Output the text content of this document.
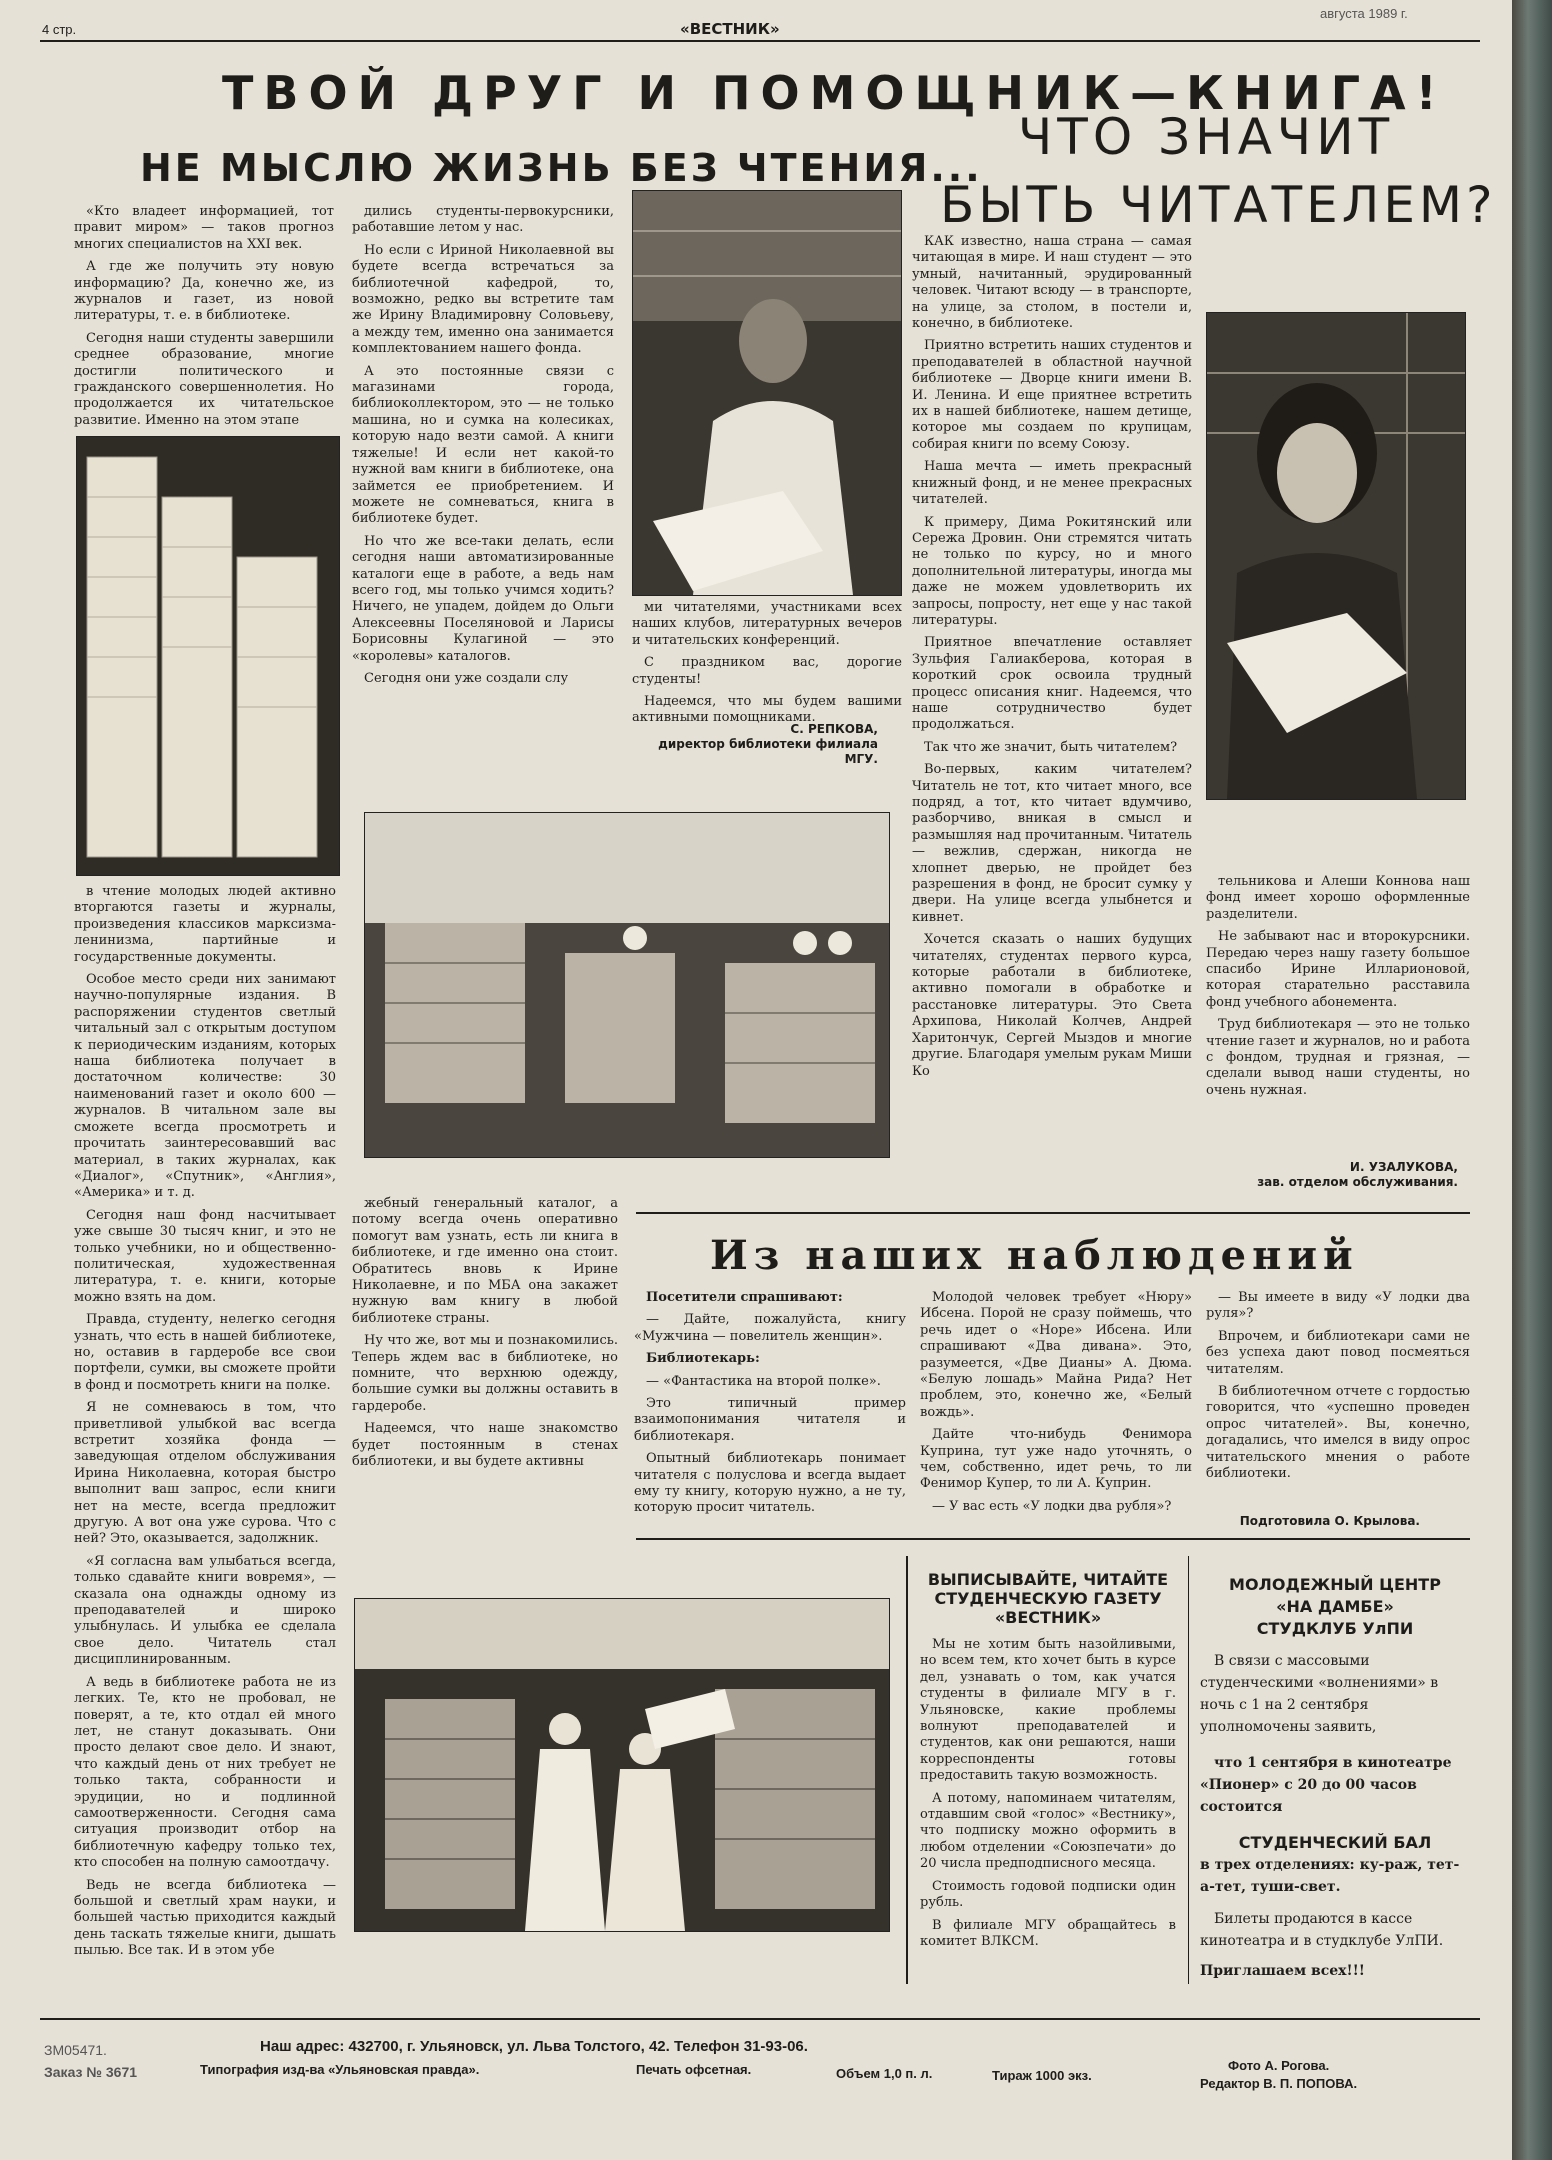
4 стр.	«ВЕСТНИК»
августа 1989 г.
ТВОЙ ДРУГ И ПОМОЩНИК—КНИГА!
НЕ МЫСЛЮ ЖИЗНЬ БЕЗ ЧТЕНИЯ...
ЧТО ЗНАЧИТ
БЫТЬ ЧИТАТЕЛЕМ?

«Кто владеет информацией, тот правит миром» — таков прогноз многих специалистов на XXI век.

А где же получить эту новую информацию? Да, конечно же, из журналов и газет, из новой литературы, т. е. в библиотеке.

Сегодня наши студенты завершили среднее образование, многие достигли политического и гражданского совершеннолетия. Но продолжается их читательское развитие. Именно на этом этапе

в чтение молодых людей активно вторгаются газеты и журналы, произведения классиков марксизма-ленинизма, партийные и государственные документы.

Особое место среди них занимают научно-популярные издания. В распоряжении студентов светлый читальный зал с открытым доступом к периодическим изданиям, которых наша библиотека получает в достаточном количестве: 30 наименований газет и около 600 — журналов. В читальном зале вы сможете всегда просмотреть и прочитать заинтересовавший вас материал, в таких журналах, как «Диалог», «Спутник», «Англия», «Америка» и т. д.

Сегодня наш фонд насчитывает уже свыше 30 тысяч книг, и это не только учебники, но и общественно-политическая, художественная литература, т. е. книги, которые можно взять на дом.

Правда, студенту, нелегко сегодня узнать, что есть в нашей библиотеке, но, оставив в гардеробе все свои портфели, сумки, вы сможете пройти в фонд и посмотреть книги на полке.

Я не сомневаюсь в том, что приветливой улыбкой вас всегда встретит хозяйка фонда — заведующая отделом обслуживания Ирина Николаевна, которая быстро выполнит ваш запрос, если книги нет на месте, всегда предложит другую. А вот она уже сурова. Что с ней? Это, оказывается, задолжник.

«Я согласна вам улыбаться всегда, только сдавайте книги вовремя», — сказала она однажды одному из преподавателей и широко улыбнулась. И улыбка ее сделала свое дело. Читатель стал дисциплинированным.

А ведь в библиотеке работа не из легких. Те, кто не пробовал, не поверят, а те, кто отдал ей много лет, не станут доказывать. Они просто делают свое дело. И знают, что каждый день от них требует не только такта, собранности и эрудиции, но и подлинной самоотверженности. Сегодня сама ситуация производит отбор на библиотечную кафедру только тех, кто способен на полную самоотдачу.

Ведь не всегда библиотека — большой и светлый храм науки, и большей частью приходится каждый день таскать тяжелые книги, дышать пылью. Все так. И в этом убе

дились студенты-первокурсники, работавшие летом у нас.

Но если с Ириной Николаевной вы будете всегда встречаться за библиотечной кафедрой, то, возможно, редко вы встретите там же Ирину Владимировну Соловьеву, а между тем, именно она занимается комплектованием нашего фонда.

А это постоянные связи с магазинами города, библиоколлектором, это — не только машина, но и сумка на колесиках, которую надо везти самой. А книги тяжелые! И если нет какой-то нужной вам книги в библиотеке, она займется ее приобретением. И можете не сомневаться, книга в библиотеке будет.

Но что же все-таки делать, если сегодня наши автоматизированные каталоги еще в работе, а ведь нам всего год, мы только учимся ходить? Ничего, не упадем, дойдем до Ольги Алексеевны Поселяновой и Ларисы Борисовны Кулагиной — это «королевы» каталогов.

Сегодня они уже создали слу

ми читателями, участниками всех наших клубов, литературных вечеров и читательских конференций.

С праздником вас, дорогие студенты!

Надеемся, что мы будем вашими активными помощниками.

С. РЕПКОВА,
директор библиотеки филиала МГУ.

жебный генеральный каталог, а потому всегда очень оперативно помогут вам узнать, есть ли книга в библиотеке, и где именно она стоит. Обратитесь вновь к Ирине Николаевне, и по МБА она закажет нужную вам книгу в любой библиотеке страны.

Ну что же, вот мы и познакомились. Теперь ждем вас в библиотеке, но помните, что верхнюю одежду, большие сумки вы должны оставить в гардеробе.

Надеемся, что наше знакомство будет постоянным в стенах библиотеки, и вы будете активны

КАК известно, наша страна — самая читающая в мире. И наш студент — это умный, начитанный, эрудированный человек. Читают всюду — в транспорте, на улице, за столом, в постели и, конечно, в библиотеке.

Приятно встретить наших студентов и преподавателей в областной научной библиотеке — Дворце книги имени В. И. Ленина. И еще приятнее встретить их в нашей библиотеке, нашем детище, которое мы создаем по крупицам, собирая книги по всему Союзу.

Наша мечта — иметь прекрасный книжный фонд, и не менее прекрасных читателей.

К примеру, Дима Рокитянский или Сережа Дровин. Они стремятся читать не только по курсу, но и много дополнительной литературы, иногда мы даже не можем удовлетворить их запросы, попросту, нет еще у нас такой литературы.

Приятное впечатление оставляет Зульфия Галиакберова, которая в короткий срок освоила трудный процесс описания книг. Надеемся, что наше сотрудничество будет продолжаться.

Так что же значит, быть читателем?

Во-первых, каким читателем? Читатель не тот, кто читает много, все подряд, а тот, кто читает вдумчиво, разборчиво, вникая в смысл и размышляя над прочитанным. Читатель — вежлив, сдержан, никогда не хлопнет дверью, не пройдет без разрешения в фонд, не бросит сумку у двери. На улице всегда улыбнется и кивнет.

Хочется сказать о наших будущих читателях, студентах первого курса, которые работали в библиотеке, активно помогали в обработке и расстановке литературы. Это Света Архипова, Николай Колчев, Андрей Харитончук, Сергей Мыздов и многие другие. Благодаря умелым рукам Миши Ко

тельникова и Алеши Коннова наш фонд имеет хорошо оформленные разделители.

Не забывают нас и второкурсники. Передаю через нашу газету большое спасибо Ирине Илларионовой, которая старательно расставила фонд учебного абонемента.

Труд библиотекаря — это не только чтение газет и журналов, но и работа с фондом, трудная и грязная, — сделали вывод наши студенты, но очень нужная.

И. УЗАЛУКОВА,
зав. отделом обслуживания.
Из наших наблюдений

Посетители спрашивают:

— Дайте, пожалуйста, книгу «Мужчина — повелитель женщин».

Библиотекарь:

— «Фантастика на второй полке».

Это типичный пример взаимопонимания читателя и библиотекаря.

Опытный библиотекарь понимает читателя с полуслова и всегда выдает ему ту книгу, которую нужно, а не ту, которую просит читатель.

Молодой человек требует «Нюру» Ибсена. Порой не сразу поймешь, что речь идет о «Норе» Ибсена. Или спрашивают «Два дивана». Это, разумеется, «Две Дианы» А. Дюма. «Белую лошадь» Майна Рида? Нет проблем, это, конечно же, «Белый вождь».

Дайте что-нибудь Фенимора Куприна, тут уже надо уточнять, о чем, собственно, идет речь, то ли Фенимор Купер, то ли А. Куприн.

— У вас есть «У лодки два рубля»?

— Вы имеете в виду «У лодки два руля»?

Впрочем, и библиотекари сами не без успеха дают повод посмеяться читателям.

В библиотечном отчете с гордостью говорится, что «успешно проведен опрос читателей». Вы, конечно, догадались, что имелся в виду опрос читательского мнения о работе библиотеки.

Подготовила О. Крылова.
ВЫПИСЫВАЙТЕ, ЧИТАЙТЕ СТУДЕНЧЕСКУЮ ГАЗЕТУ «ВЕСТНИК»

Мы не хотим быть назойливыми, но всем тем, кто хочет быть в курсе дел, узнавать о том, как учатся студенты в филиале МГУ в г. Ульяновске, какие проблемы волнуют преподавателей и студентов, как они решаются, наши корреспонденты готовы предоставить такую возможность.

А потому, напоминаем читателям, отдавшим свой «голос» «Вестнику», что подписку можно оформить в любом отделении «Союзпечати» до 20 числа предподписного месяца.

Стоимость годовой подписки один рубль.

В филиале МГУ обращайтесь в комитет ВЛКСМ.

МОЛОДЕЖНЫЙ ЦЕНТР
«НА ДАМБЕ»
СТУДКЛУБ УлПИ
В связи с массовыми студенческими «волнениями» в ночь с 1 на 2 сентября уполномочены заявить,
что 1 сентября в кинотеатре «Пионер» с 20 до 00 часов состоится
СТУДЕНЧЕСКИЙ БАЛ
в трех отделениях: ку-раж, тет-а-тет, туши-свет.
Билеты продаются в кассе кинотеатра и в студклубе УлПИ.
Приглашаем всех!!!
ЗМ05471.
Заказ № 3671
Наш адрес: 432700, г. Ульяновск, ул. Льва Толстого, 42. Телефон 31-93-06.
Типография изд-ва «Ульяновская правда».	Печать офсетная.	Объем 1,0 п. л.	Тираж 1000 экз.
Фото А. Рогова.
Редактор В. П. ПОПОВА.
